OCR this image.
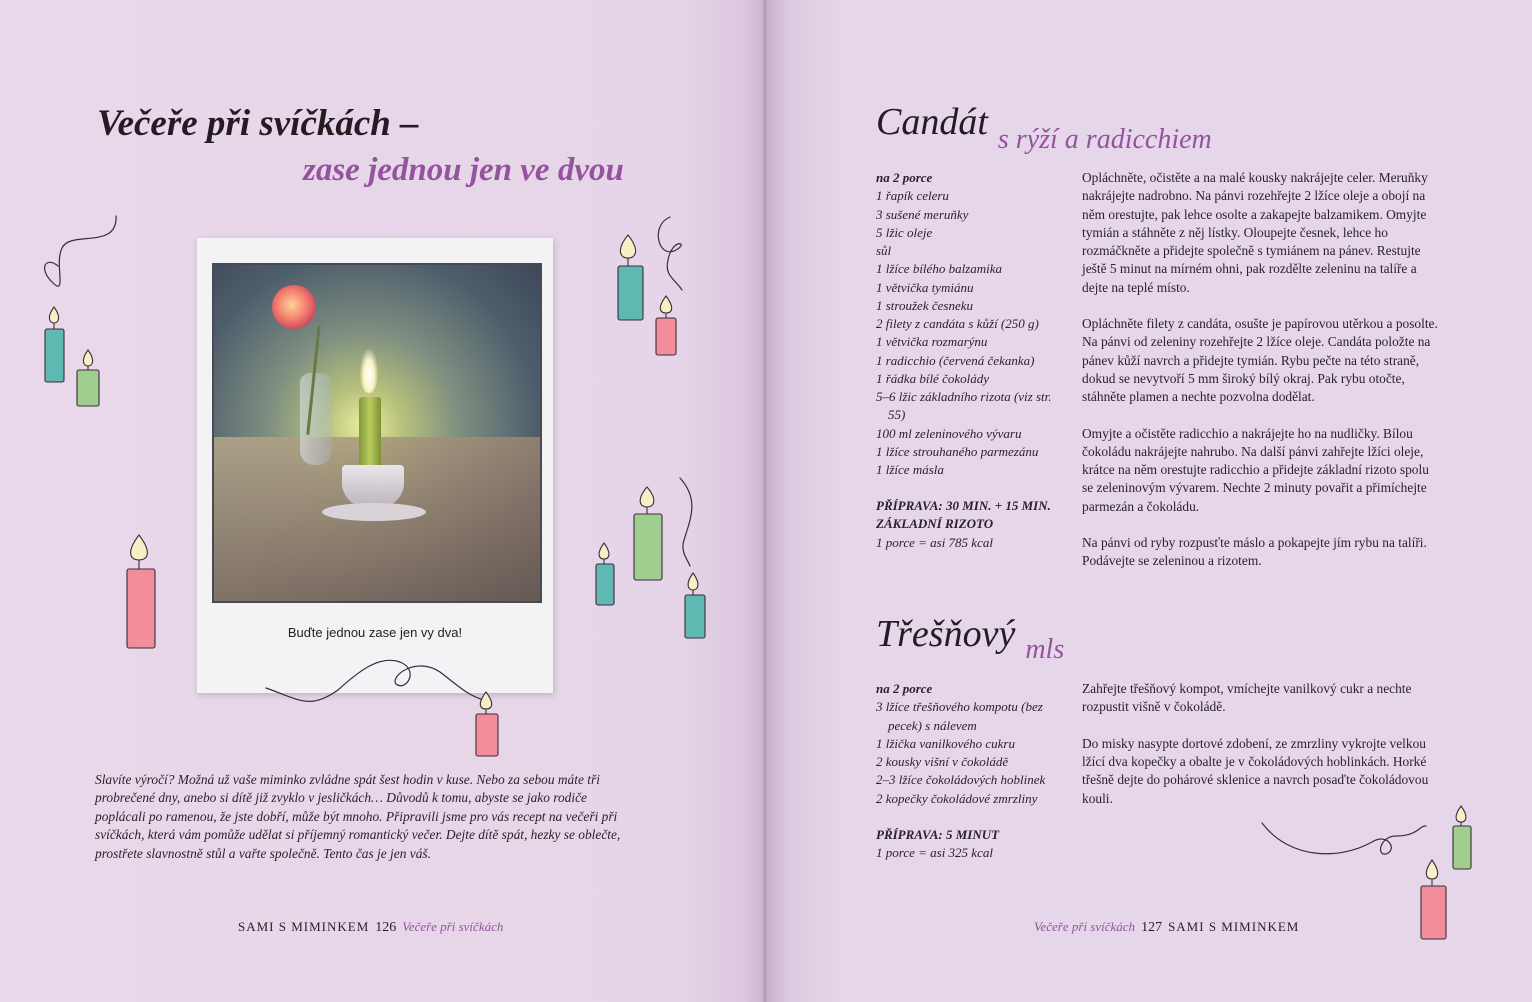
Večeře při svíčkách –
zase jednou jen ve dvou
Buďte jednou zase jen vy dva!

Slavíte výročí? Možná už vaše miminko zvládne spát šest hodin v kuse. Nebo za sebou máte tři probrečené dny, anebo si dítě již zvyklo v jesličkách… Důvodů k tomu, abyste se jako rodiče poplácali po ramenou, že jste dobří, může být mnoho. Připravili jsme pro vás recept na večeři při svíčkách, která vám pomůže udělat si příjemný romantický večer. Dejte dítě spát, hezky se oblečte, prostřete slavnostně stůl a vařte společně. Tento čas je jen váš.

SAMI S MIMINKEM 126 Večeře při svíčkách
Candát s rýží a radicchiem
na 2 porce
1 řapík celeru
3 sušené meruňky
5 lžic oleje
sůl
1 lžíce bílého balzamika
1 větvička tymiánu
1 stroužek česneku
2 filety z candáta s kůží (250 g)
1 větvička rozmarýnu
1 radicchio (červená čekanka)
1 řádka bílé čokolády
5–6 lžic základního rizota (viz str. 55)
100 ml zeleninového vývaru
1 lžíce strouhaného parmezánu
1 lžíce másla

PŘÍPRAVA: 30 MIN. + 15 MIN. ZÁKLADNÍ RIZOTO
1 porce = asi 785 kcal

Opláchněte, očistěte a na malé kousky nakrájejte celer. Meruňky nakrájejte nadrobno. Na pánvi rozehřejte 2 lžíce oleje a obojí na něm orestujte, pak lehce osolte a zakapejte balzamikem. Omyjte tymián a stáhněte z něj lístky. Oloupejte česnek, lehce ho rozmáčkněte a přidejte společně s tymiánem na pánev. Restujte ještě 5 minut na mírném ohni, pak rozdělte zeleninu na talíře a dejte na teplé místo.

Opláchněte filety z candáta, osušte je papírovou utěrkou a posolte. Na pánvi od zeleniny rozehřejte 2 lžíce oleje. Candáta položte na pánev kůží navrch a přidejte tymián. Rybu pečte na této straně, dokud se nevytvoří 5 mm široký bílý okraj. Pak rybu otočte, stáhněte plamen a nechte pozvolna dodělat.

Omyjte a očistěte radicchio a nakrájejte ho na nudličky. Bílou čokoládu nakrájejte nahrubo. Na další pánvi zahřejte lžíci oleje, krátce na něm orestujte radicchio a přidejte základní rizoto spolu se zeleninovým vývarem. Nechte 2 minuty povařit a přimíchejte parmezán a čokoládu.

Na pánvi od ryby rozpusťte máslo a pokapejte jím rybu na talíři. Podávejte se zeleninou a rizotem.

Třešňový mls
na 2 porce
3 lžíce třešňového kompotu (bez pecek) s nálevem
1 lžička vanilkového cukru
2 kousky višní v čokoládě
2–3 lžíce čokoládových hoblinek
2 kopečky čokoládové zmrzliny

PŘÍPRAVA: 5 MINUT
1 porce = asi 325 kcal

Zahřejte třešňový kompot, vmíchejte vanilkový cukr a nechte rozpustit višně v čokoládě.

Do misky nasypte dortové zdobení, ze zmrzliny vykrojte velkou lžící dva kopečky a obalte je v čokoládových hoblinkách. Horké třešně dejte do pohárové sklenice a navrch posaďte čokoládovou kouli.

Večeře při svíčkách 127 SAMI S MIMINKEM
